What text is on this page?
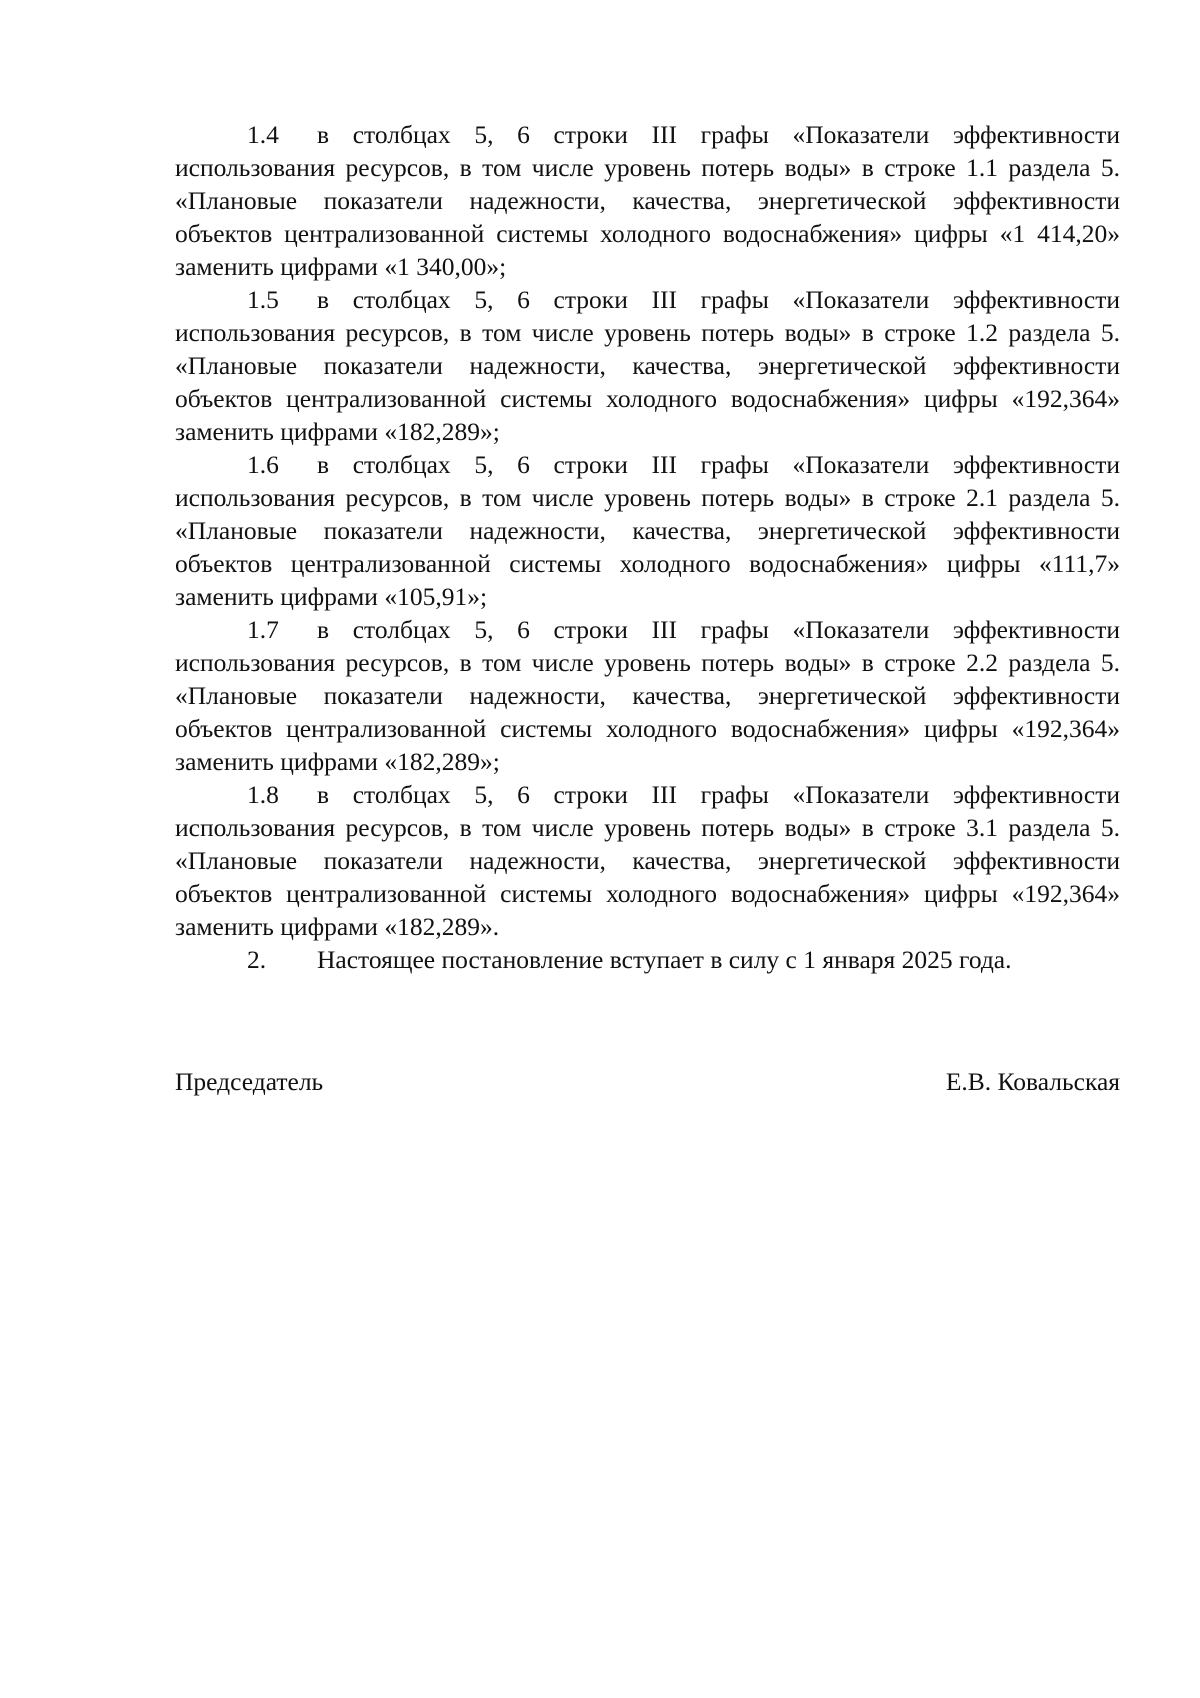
1.4 в столбцах 5, 6 строки III графы «Показатели эффективности использования ресурсов, в том числе уровень потерь воды» в строке 1.1 раздела 5. «Плановые показатели надежности, качества, энергетической эффективности объектов централизованной системы холодного водоснабжения» цифры «1 414,20» заменить цифрами «1 340,00»;

1.5 в столбцах 5, 6 строки III графы «Показатели эффективности использования ресурсов, в том числе уровень потерь воды» в строке 1.2 раздела 5. «Плановые показатели надежности, качества, энергетической эффективности объектов централизованной системы холодного водоснабжения» цифры «192,364» заменить цифрами «182,289»;

1.6 в столбцах 5, 6 строки III графы «Показатели эффективности использования ресурсов, в том числе уровень потерь воды» в строке 2.1 раздела 5. «Плановые показатели надежности, качества, энергетической эффективности объектов централизованной системы холодного водоснабжения» цифры «111,7» заменить цифрами «105,91»;

1.7 в столбцах 5, 6 строки III графы «Показатели эффективности использования ресурсов, в том числе уровень потерь воды» в строке 2.2 раздела 5. «Плановые показатели надежности, качества, энергетической эффективности объектов централизованной системы холодного водоснабжения» цифры «192,364» заменить цифрами «182,289»;

1.8 в столбцах 5, 6 строки III графы «Показатели эффективности использования ресурсов, в том числе уровень потерь воды» в строке 3.1 раздела 5. «Плановые показатели надежности, качества, энергетической эффективности объектов централизованной системы холодного водоснабжения» цифры «192,364» заменить цифрами «182,289».

2. Настоящее постановление вступает в силу с 1 января 2025 года.

Председатель	Е.В. Ковальская
